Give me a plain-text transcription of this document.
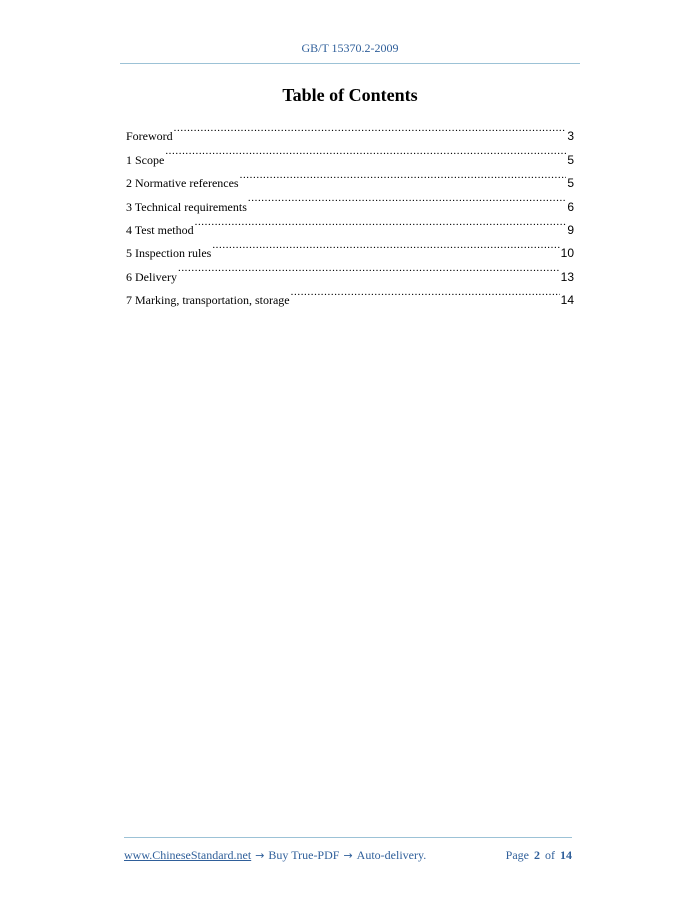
GB/T 15370.2-2009
Table of Contents
Foreword .....	3
1 Scope .....	5
2 Normative references .....	5
3 Technical requirements .....	6
4 Test method .....	9
5 Inspection rules .....	10
6 Delivery .....	13
7 Marking, transportation, storage .....	14
www.ChineseStandard.net → Buy True-PDF → Auto-delivery.	Page 2 of 14
